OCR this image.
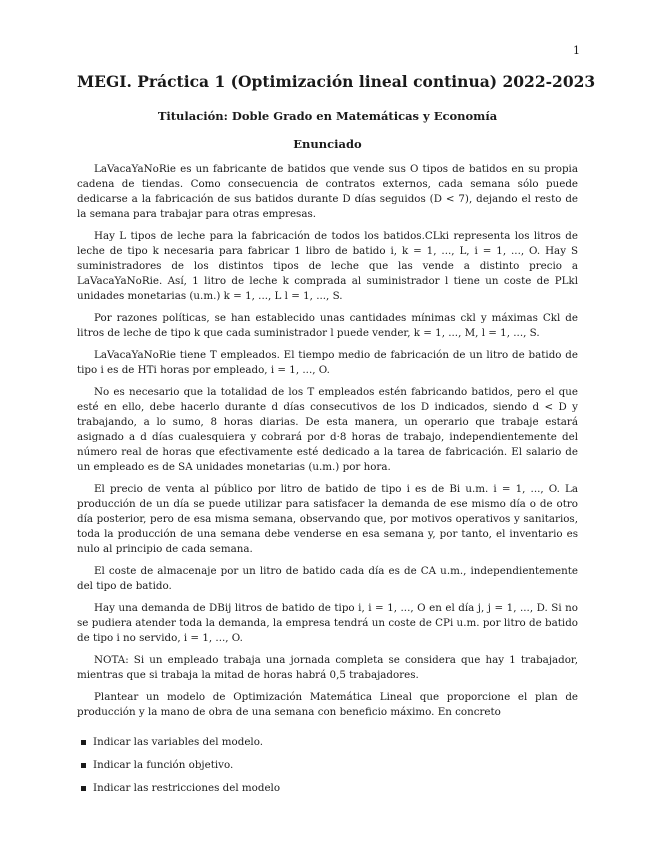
1
MEGI. Práctica 1 (Optimización lineal continua) 2022-2023
Titulación: Doble Grado en Matemáticas y Economía
Enunciado

LaVacaYaNoRie es un fabricante de batidos que vende sus O tipos de batidos en su propia cadena de tiendas. Como consecuencia de contratos externos, cada semana sólo puede dedicarse a la fabricación de sus batidos durante D días seguidos (D < 7), dejando el resto de la semana para trabajar para otras empresas.

Hay L tipos de leche para la fabricación de todos los batidos.CLki representa los litros de leche de tipo k necesaria para fabricar 1 libro de batido i, k = 1, ..., L, i = 1, ..., O. Hay S suministradores de los distintos tipos de leche que las vende a distinto precio a LaVacaYaNoRie. Así, 1 litro de leche k comprada al suministrador l tiene un coste de PLkl unidades monetarias (u.m.) k = 1, ..., L l = 1, ..., S.

Por razones políticas, se han establecido unas cantidades mínimas ckl y máximas Ckl de litros de leche de tipo k que cada suministrador l puede vender, k = 1, ..., M, l = 1, ..., S.

LaVacaYaNoRie tiene T empleados. El tiempo medio de fabricación de un litro de batido de tipo i es de HTi horas por empleado, i = 1, ..., O.

No es necesario que la totalidad de los T empleados estén fabricando batidos, pero el que esté en ello, debe hacerlo durante d días consecutivos de los D indicados, siendo d < D y trabajando, a lo sumo, 8 horas diarias. De esta manera, un operario que trabaje estará asignado a d días cualesquiera y cobrará por d·8 horas de trabajo, independientemente del número real de horas que efectivamente esté dedicado a la tarea de fabricación. El salario de un empleado es de SA unidades monetarias (u.m.) por hora.

El precio de venta al público por litro de batido de tipo i es de Bi u.m. i = 1, ..., O. La producción de un día se puede utilizar para satisfacer la demanda de ese mismo día o de otro día posterior, pero de esa misma semana, observando que, por motivos operativos y sanitarios, toda la producción de una semana debe venderse en esa semana y, por tanto, el inventario es nulo al principio de cada semana.

El coste de almacenaje por un litro de batido cada día es de CA u.m., independientemente del tipo de batido.

Hay una demanda de DBij litros de batido de tipo i, i = 1, ..., O en el día j, j = 1, ..., D. Si no se pudiera atender toda la demanda, la empresa tendrá un coste de CPi u.m. por litro de batido de tipo i no servido, i = 1, ..., O.

NOTA: Si un empleado trabaja una jornada completa se considera que hay 1 trabajador, mientras que si trabaja la mitad de horas habrá 0,5 trabajadores.

Plantear un modelo de Optimización Matemática Lineal que proporcione el plan de producción y la mano de obra de una semana con beneficio máximo. En concreto

Indicar las variables del modelo.
Indicar la función objetivo.
Indicar las restricciones del modelo
